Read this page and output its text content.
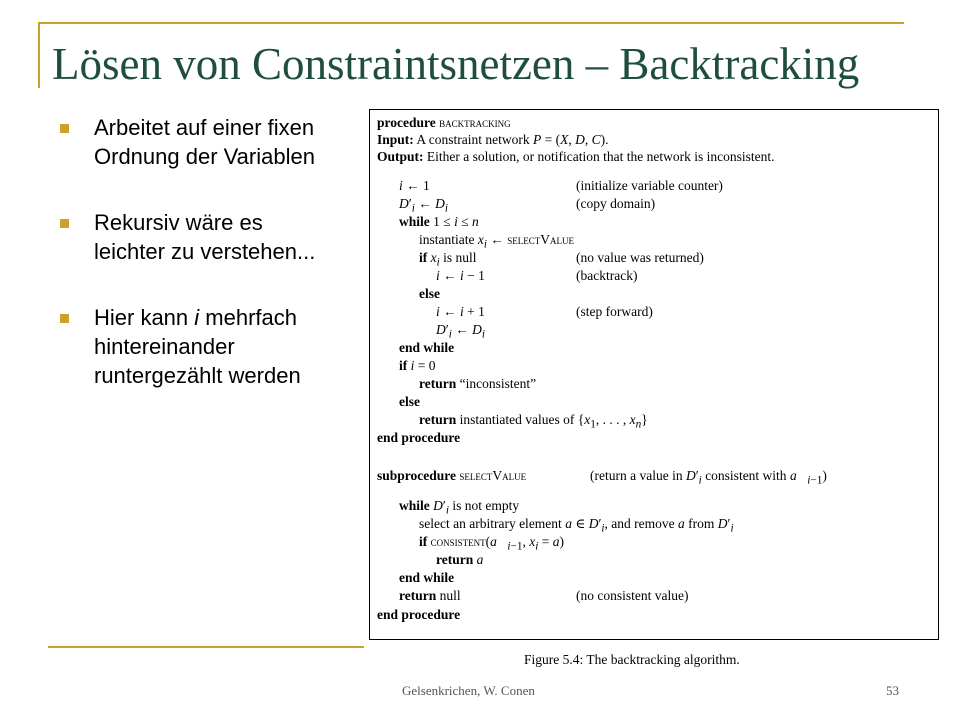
Lösen von Constraintsnetzen – Backtracking
Arbeitet auf einer fixen Ordnung der Variablen
Rekursiv wäre es leichter zu verstehen...
Hier kann i mehrfach hintereinander runtergezählt werden
procedure backtracking
Input: A constraint network P = (X, D, C).
Output: Either a solution, or notification that the network is inconsistent.
i ← 1	(initialize variable counter)
$D'_i$ ← $D_i$	(copy domain)
while 1 ≤ i ≤ n
instantiate $x_i$ ← selectValue
if $x_i$ is null	(no value was returned)
i ← i − 1	(backtrack)
else
i ← i + 1	(step forward)
$D'_i$ ← $D_i$
end while
if i = 0
return “inconsistent”
else
return instantiated values of {$x_1$, . . . , $x_n$}
end procedure
subprocedure selectValue	(return a value in $D'_i$ consistent with $a⃗_{i-1}$)
while $D'_i$ is not empty
select an arbitrary element a ∈ $D'_i$, and remove a from $D'_i$
if $consistent(a⃗_{i-1}$, $x_i = a$)
return a
end while
return null	(no consistent value)
end procedure
Figure 5.4: The backtracking algorithm.
Gelsenkrichen, W. Conen	53
